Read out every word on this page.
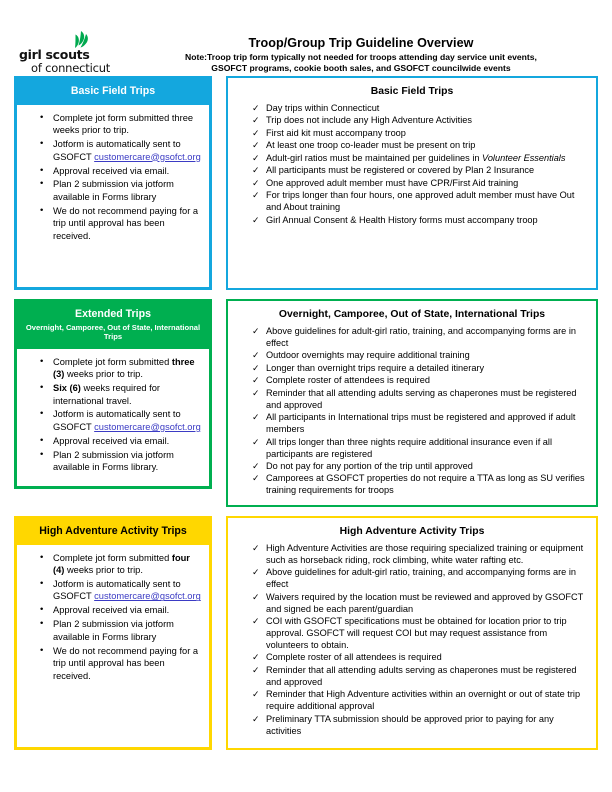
girl scouts
of connecticut
Troop/Group Trip Guideline Overview
Note:Troop trip form typically not needed for troops attending day service unit events,
GSOFCT programs, cookie booth sales, and GSOFCT councilwide events
Basic Field Trips
• Complete jot form submitted three weeks prior to trip.
• Jotform is automatically sent to GSOFCT customercare@gsofct.org
• Approval received via email.
• Plan 2 submission via jotform available in Forms library
• We do not recommend paying for a trip until approval has been received.
Basic Field Trips
✓ Day trips within Connecticut
✓ Trip does not include any High Adventure Activities
✓ First aid kit must accompany troop
✓ At least one troop co-leader must be present on trip
✓ Adult-girl ratios must be maintained per guidelines in Volunteer Essentials
✓ All participants must be registered or covered by Plan 2 Insurance
✓ One approved adult member must have CPR/First Aid training
✓ For trips longer than four hours, one approved adult member must have Out and About training
✓ Girl Annual Consent & Health History forms must accompany troop
Extended Trips
Overnight, Camporee, Out of State, International Trips
• Complete jot form submitted three (3) weeks prior to trip.
• Six (6) weeks required for international travel.
• Jotform is automatically sent to GSOFCT customercare@gsofct.org
• Approval received via email.
• Plan 2 submission via jotform available in Forms library.
Overnight, Camporee, Out of State, International Trips
✓ Above guidelines for adult-girl ratio, training, and accompanying forms are in effect
✓ Outdoor overnights may require additional training
✓ Longer than overnight trips require a detailed itinerary
✓ Complete roster of attendees is required
✓ Reminder that all attending adults serving as chaperones must be registered and approved
✓ All participants in International trips must be registered and approved if adult members
✓ All trips longer than three nights require additional insurance even if all participants are registered
✓ Do not pay for any portion of the trip until approved
✓ Camporees at GSOFCT properties do not require a TTA as long as SU verifies training requirements for troops
High Adventure Activity Trips
• Complete jot form submitted four (4) weeks prior to trip.
• Jotform is automatically sent to GSOFCT customercare@gsofct.org
• Approval received via email.
• Plan 2 submission via jotform available in Forms library
• We do not recommend paying for a trip until approval has been received.
High Adventure Activity Trips
✓ High Adventure Activities are those requiring specialized training or equipment such as horseback riding, rock climbing, white water rafting etc.
✓ Above guidelines for adult-girl ratio, training, and accompanying forms are in effect
✓ Waivers required by the location must be reviewed and approved by GSOFCT and signed be each parent/guardian
✓ COI with GSOFCT specifications must be obtained for location prior to trip approval. GSOFCT will request COI but may request assistance from volunteers to obtain.
✓ Complete roster of all attendees is required
✓ Reminder that all attending adults serving as chaperones must be registered and approved
✓ Reminder that High Adventure activities within an overnight or out of state trip require additional approval
✓ Preliminary TTA submission should be approved prior to paying for any activities
